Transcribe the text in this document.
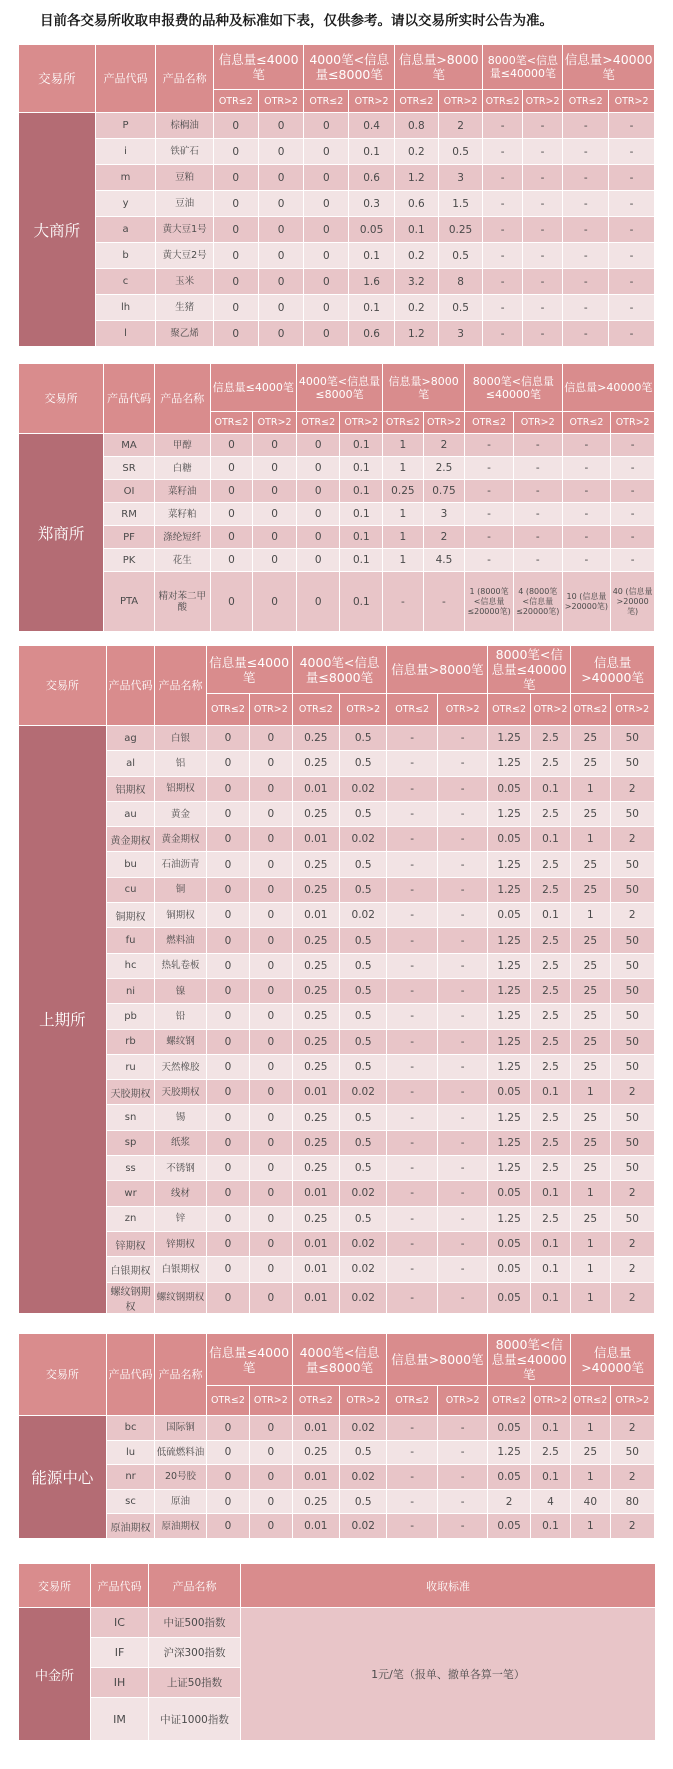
目前各交易所收取申报费的品种及标准如下表，仅供参考。请以交易所实时公告为准。
交易所	产品代码	产品名称	信息量≤4000笔		4000笔<信息量≤8000笔		信息量>8000笔		8000笔<信息量≤40000笔		信息量>40000笔	
			OTR≤2	OTR>2	OTR≤2	OTR>2	OTR≤2	OTR>2	OTR≤2	OTR>2	OTR≤2	OTR>2
大商所	P	棕榈油	0	0	0	0.4	0.8	2	-	-	-	-
	i	铁矿石	0	0	0	0.1	0.2	0.5	-	-	-	-
	m	豆粕	0	0	0	0.6	1.2	3	-	-	-	-
	y	豆油	0	0	0	0.3	0.6	1.5	-	-	-	-
	a	黄大豆1号	0	0	0	0.05	0.1	0.25	-	-	-	-
	b	黄大豆2号	0	0	0	0.1	0.2	0.5	-	-	-	-
	c	玉米	0	0	0	1.6	3.2	8	-	-	-	-
	lh	生猪	0	0	0	0.1	0.2	0.5	-	-	-	-
	l	聚乙烯	0	0	0	0.6	1.2	3	-	-	-	-
交易所	产品代码	产品名称	信息量≤4000笔		4000笔<信息量≤8000笔		信息量>8000笔		8000笔<信息量≤40000笔		信息量>40000笔	
			OTR≤2	OTR>2	OTR≤2	OTR>2	OTR≤2	OTR>2	OTR≤2	OTR>2	OTR≤2	OTR>2
郑商所	MA	甲醇	0	0	0	0.1	1	2	-	-	-	-
	SR	白糖	0	0	0	0.1	1	2.5	-	-	-	-
	OI	菜籽油	0	0	0	0.1	0.25	0.75	-	-	-	-
	RM	菜籽粕	0	0	0	0.1	1	3	-	-	-	-
	PF	涤纶短纤	0	0	0	0.1	1	2	-	-	-	-
	PK	花生	0	0	0	0.1	1	4.5	-	-	-	-
	PTA	精对苯二甲酸	0	0	0	0.1	-	-	1 (8000笔<信息量≤20000笔)	4 (8000笔<信息量≤20000笔)	10 (信息量>20000笔)	40 (信息量>20000笔)
交易所	产品代码	产品名称	信息量≤4000笔		4000笔<信息量≤8000笔		信息量>8000笔		8000笔<信息量≤40000笔		信息量>40000笔	
			OTR≤2	OTR>2	OTR≤2	OTR>2	OTR≤2	OTR>2	OTR≤2	OTR>2	OTR≤2	OTR>2
上期所	ag	白银	0	0	0.25	0.5	-	-	1.25	2.5	25	50
	al	铝	0	0	0.25	0.5	-	-	1.25	2.5	25	50
	铝期权	铝期权	0	0	0.01	0.02	-	-	0.05	0.1	1	2
	au	黄金	0	0	0.25	0.5	-	-	1.25	2.5	25	50
	黄金期权	黄金期权	0	0	0.01	0.02	-	-	0.05	0.1	1	2
	bu	石油沥青	0	0	0.25	0.5	-	-	1.25	2.5	25	50
	cu	铜	0	0	0.25	0.5	-	-	1.25	2.5	25	50
	铜期权	铜期权	0	0	0.01	0.02	-	-	0.05	0.1	1	2
	fu	燃料油	0	0	0.25	0.5	-	-	1.25	2.5	25	50
	hc	热轧卷板	0	0	0.25	0.5	-	-	1.25	2.5	25	50
	ni	镍	0	0	0.25	0.5	-	-	1.25	2.5	25	50
	pb	铅	0	0	0.25	0.5	-	-	1.25	2.5	25	50
	rb	螺纹钢	0	0	0.25	0.5	-	-	1.25	2.5	25	50
	ru	天然橡胶	0	0	0.25	0.5	-	-	1.25	2.5	25	50
	天胶期权	天胶期权	0	0	0.01	0.02	-	-	0.05	0.1	1	2
	sn	锡	0	0	0.25	0.5	-	-	1.25	2.5	25	50
	sp	纸浆	0	0	0.25	0.5	-	-	1.25	2.5	25	50
	ss	不锈钢	0	0	0.25	0.5	-	-	1.25	2.5	25	50
	wr	线材	0	0	0.01	0.02	-	-	0.05	0.1	1	2
	zn	锌	0	0	0.25	0.5	-	-	1.25	2.5	25	50
	锌期权	锌期权	0	0	0.01	0.02	-	-	0.05	0.1	1	2
	白银期权	白银期权	0	0	0.01	0.02	-	-	0.05	0.1	1	2
	螺纹钢期权	螺纹钢期权	0	0	0.01	0.02	-	-	0.05	0.1	1	2
交易所	产品代码	产品名称	信息量≤4000笔		4000笔<信息量≤8000笔		信息量>8000笔		8000笔<信息量≤40000笔		信息量>40000笔	
			OTR≤2	OTR>2	OTR≤2	OTR>2	OTR≤2	OTR>2	OTR≤2	OTR>2	OTR≤2	OTR>2
能源中心	bc	国际铜	0	0	0.01	0.02	-	-	0.05	0.1	1	2
	lu	低硫燃料油	0	0	0.25	0.5	-	-	1.25	2.5	25	50
	nr	20号胶	0	0	0.01	0.02	-	-	0.05	0.1	1	2
	sc	原油	0	0	0.25	0.5	-	-	2	4	40	80
	原油期权	原油期权	0	0	0.01	0.02	-	-	0.05	0.1	1	2
交易所	产品代码	产品名称	收取标准
中金所	IC	中证500指数	1元/笔（报单、撤单各算一笔）
	IF	沪深300指数	
	IH	上证50指数	
	IM	中证1000指数	
